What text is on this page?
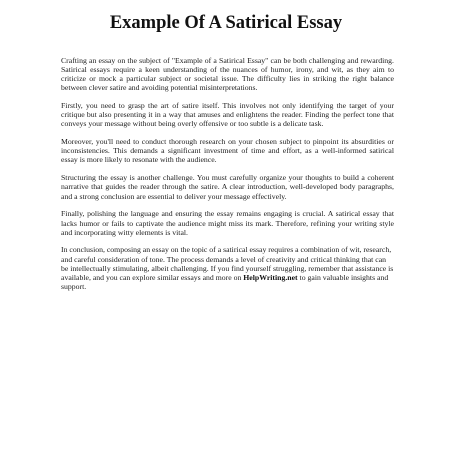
Example Of A Satirical Essay

Crafting an essay on the subject of "Example of a Satirical Essay" can be both challenging and rewarding. Satirical essays require a keen understanding of the nuances of humor, irony, and wit, as they aim to criticize or mock a particular subject or societal issue. The difficulty lies in striking the right balance between clever satire and avoiding potential misinterpretations.

Firstly, you need to grasp the art of satire itself. This involves not only identifying the target of your critique but also presenting it in a way that amuses and enlightens the reader. Finding the perfect tone that conveys your message without being overly offensive or too subtle is a delicate task.

Moreover, you'll need to conduct thorough research on your chosen subject to pinpoint its absurdities or inconsistencies. This demands a significant investment of time and effort, as a well-informed satirical essay is more likely to resonate with the audience.

Structuring the essay is another challenge. You must carefully organize your thoughts to build a coherent narrative that guides the reader through the satire. A clear introduction, well-developed body paragraphs, and a strong conclusion are essential to deliver your message effectively.

Finally, polishing the language and ensuring the essay remains engaging is crucial. A satirical essay that lacks humor or fails to captivate the audience might miss its mark. Therefore, refining your writing style and incorporating witty elements is vital.

In conclusion, composing an essay on the topic of a satirical essay requires a combination of wit, research, and careful consideration of tone. The process demands a level of creativity and critical thinking that can be intellectually stimulating, albeit challenging. If you find yourself struggling, remember that assistance is available, and you can explore similar essays and more on HelpWriting.net to gain valuable insights and support.
